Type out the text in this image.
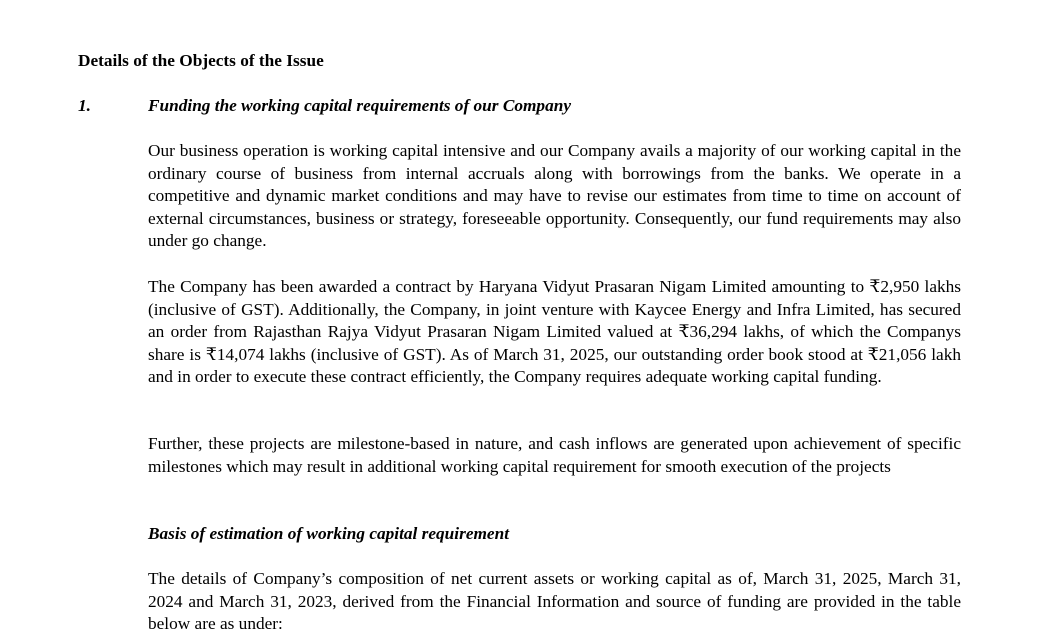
Details of the Objects of the Issue
1.	Funding the working capital requirements of our Company

Our business operation is working capital intensive and our Company avails a majority of our working capital in the ordinary course of business from internal accruals along with borrowings from the banks. We operate in a competitive and dynamic market conditions and may have to revise our estimates from time to time on account of external circumstances, business or strategy, foreseeable opportunity. Consequently, our fund requirements may also under go change.

The Company has been awarded a contract by Haryana Vidyut Prasaran Nigam Limited amounting to ₹2,950 lakhs (inclusive of GST). Additionally, the Company, in joint venture with Kaycee Energy and Infra Limited, has secured an order from Rajasthan Rajya Vidyut Prasaran Nigam Limited valued at ₹36,294 lakhs, of which the Companys share is ₹14,074 lakhs (inclusive of GST). As of March 31, 2025, our outstanding order book stood at ₹21,056 lakh and in order to execute these contract efficiently, the Company requires adequate working capital funding.

Further, these projects are milestone-based in nature, and cash inflows are generated upon achievement of specific milestones which may result in additional working capital requirement for smooth execution of the projects

Basis of estimation of working capital requirement

The details of Company’s composition of net current assets or working capital as of, March 31, 2025, March 31, 2024 and March 31, 2023, derived from the Financial Information and source of funding are provided in the table below are as under:
